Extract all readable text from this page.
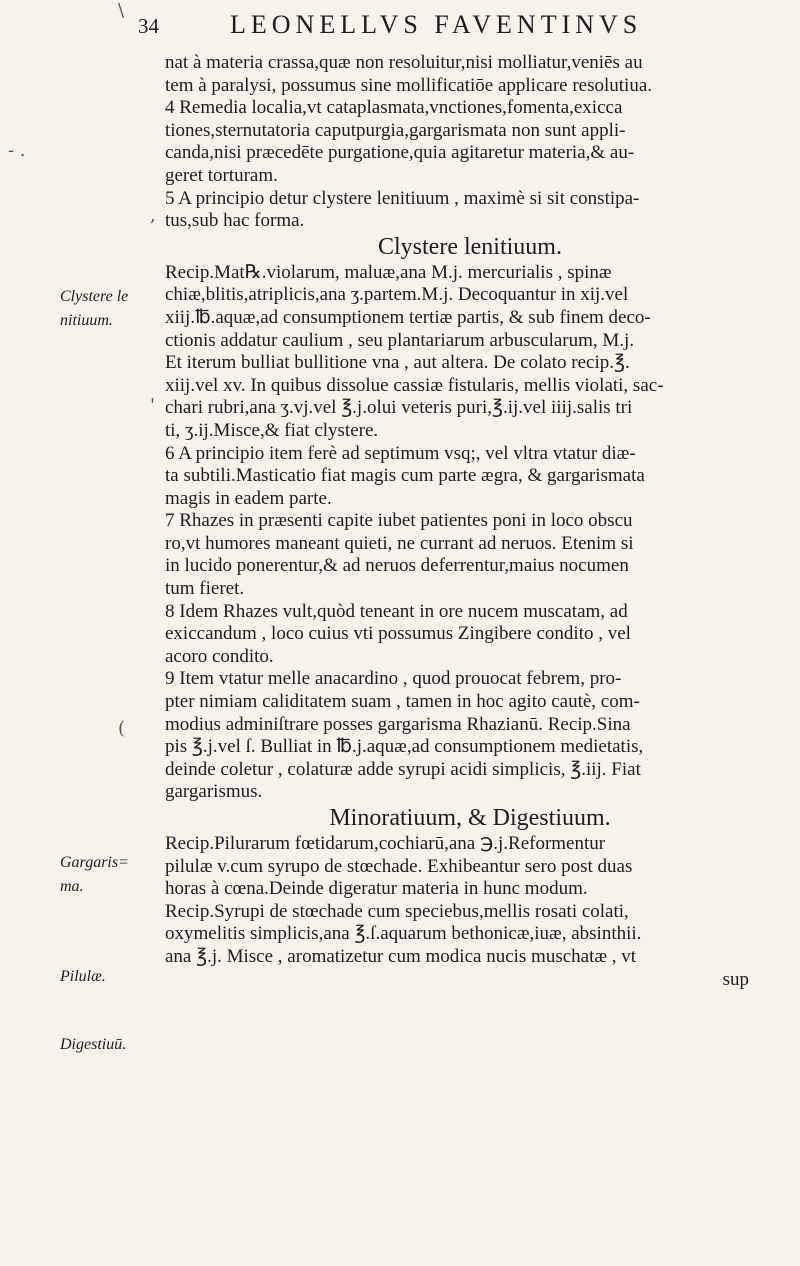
34	LEONELLVS FAVENTINVS
\
- .
,
(
'
Clystere le
nitiuum.
Gargaris=
ma.
Pilulæ.
Digestiuū.
nat à materia crassa,quæ non resoluitur,nisi molliatur,veniēs au
tem à paralysi, possumus sine mollificatiōe applicare resolutiua.
4 Remedia localia,vt cataplasmata,vnctiones,fomenta,exicca
tiones,sternutatoria caputpurgia,gargarismata non sunt appli-
canda,nisi præcedēte purgatione,quia agitaretur materia,& au-
geret torturam.
5 A principio detur clystere lenitiuum , maximè si sit constipa-
tus,sub hac forma.
Clystere lenitiuum.
Recip.Mat℞.violarum, maluæ,ana M.j. mercurialis , spinæ
chiæ,blitis,atriplicis,ana ʒ.partem.M.j. Decoquantur in xij.vel
xiij.℔.aquæ,ad consumptionem tertiæ partis, & sub finem deco-
ctionis addatur caulium , seu plantariarum arbuscularum, M.j.
Et iterum bulliat bullitione vna , aut altera. De colato recip.℥.
xiij.vel xv. In quibus dissolue cassiæ fistularis, mellis violati, sac-
chari rubri,ana ʒ.vj.vel ℥.j.olui veteris puri,℥.ij.vel iiij.salis tri
ti, ʒ.ij.Misce,& fiat clystere.
6 A principio item ferè ad septimum vsq;, vel vltra vtatur diæ-
ta subtili.Masticatio fiat magis cum parte ægra, & gargarismata
magis in eadem parte.
7 Rhazes in præsenti capite iubet patientes poni in loco obscu
ro,vt humores maneant quieti, ne currant ad neruos. Etenim si
in lucido ponerentur,& ad neruos deferrentur,maius nocumen
tum fieret.
8 Idem Rhazes vult,quòd teneant in ore nucem muscatam, ad
exiccandum , loco cuius vti possumus Zingibere condito , vel
acoro condito.
9 Item vtatur melle anacardino , quod prouocat febrem, pro-
pter nimiam caliditatem suam , tamen in hoc agito cautè, com-
modius adminiſtrare posses gargarisma Rhazianū. Recip.Sina
pis ℥.j.vel ſ. Bulliat in ℔.j.aquæ,ad consumptionem medietatis,
deinde coletur , colaturæ adde syrupi acidi simplicis, ℥.iij. Fiat
gargarismus.
Minoratiuum, & Digestiuum.
Recip.Pilurarum fœtidarum,cochiarū,ana ℈.j.Reformentur
pilulæ v.cum syrupo de stœchade. Exhibeantur sero post duas
horas à cœna.Deinde digeratur materia in hunc modum.
Recip.Syrupi de stœchade cum speciebus,mellis rosati colati,
oxymelitis simplicis,ana ℥.ſ.aquarum bethonicæ,iuæ, absinthii.
ana ℥.j. Misce , aromatizetur cum modica nucis muschatæ , vt
sup
